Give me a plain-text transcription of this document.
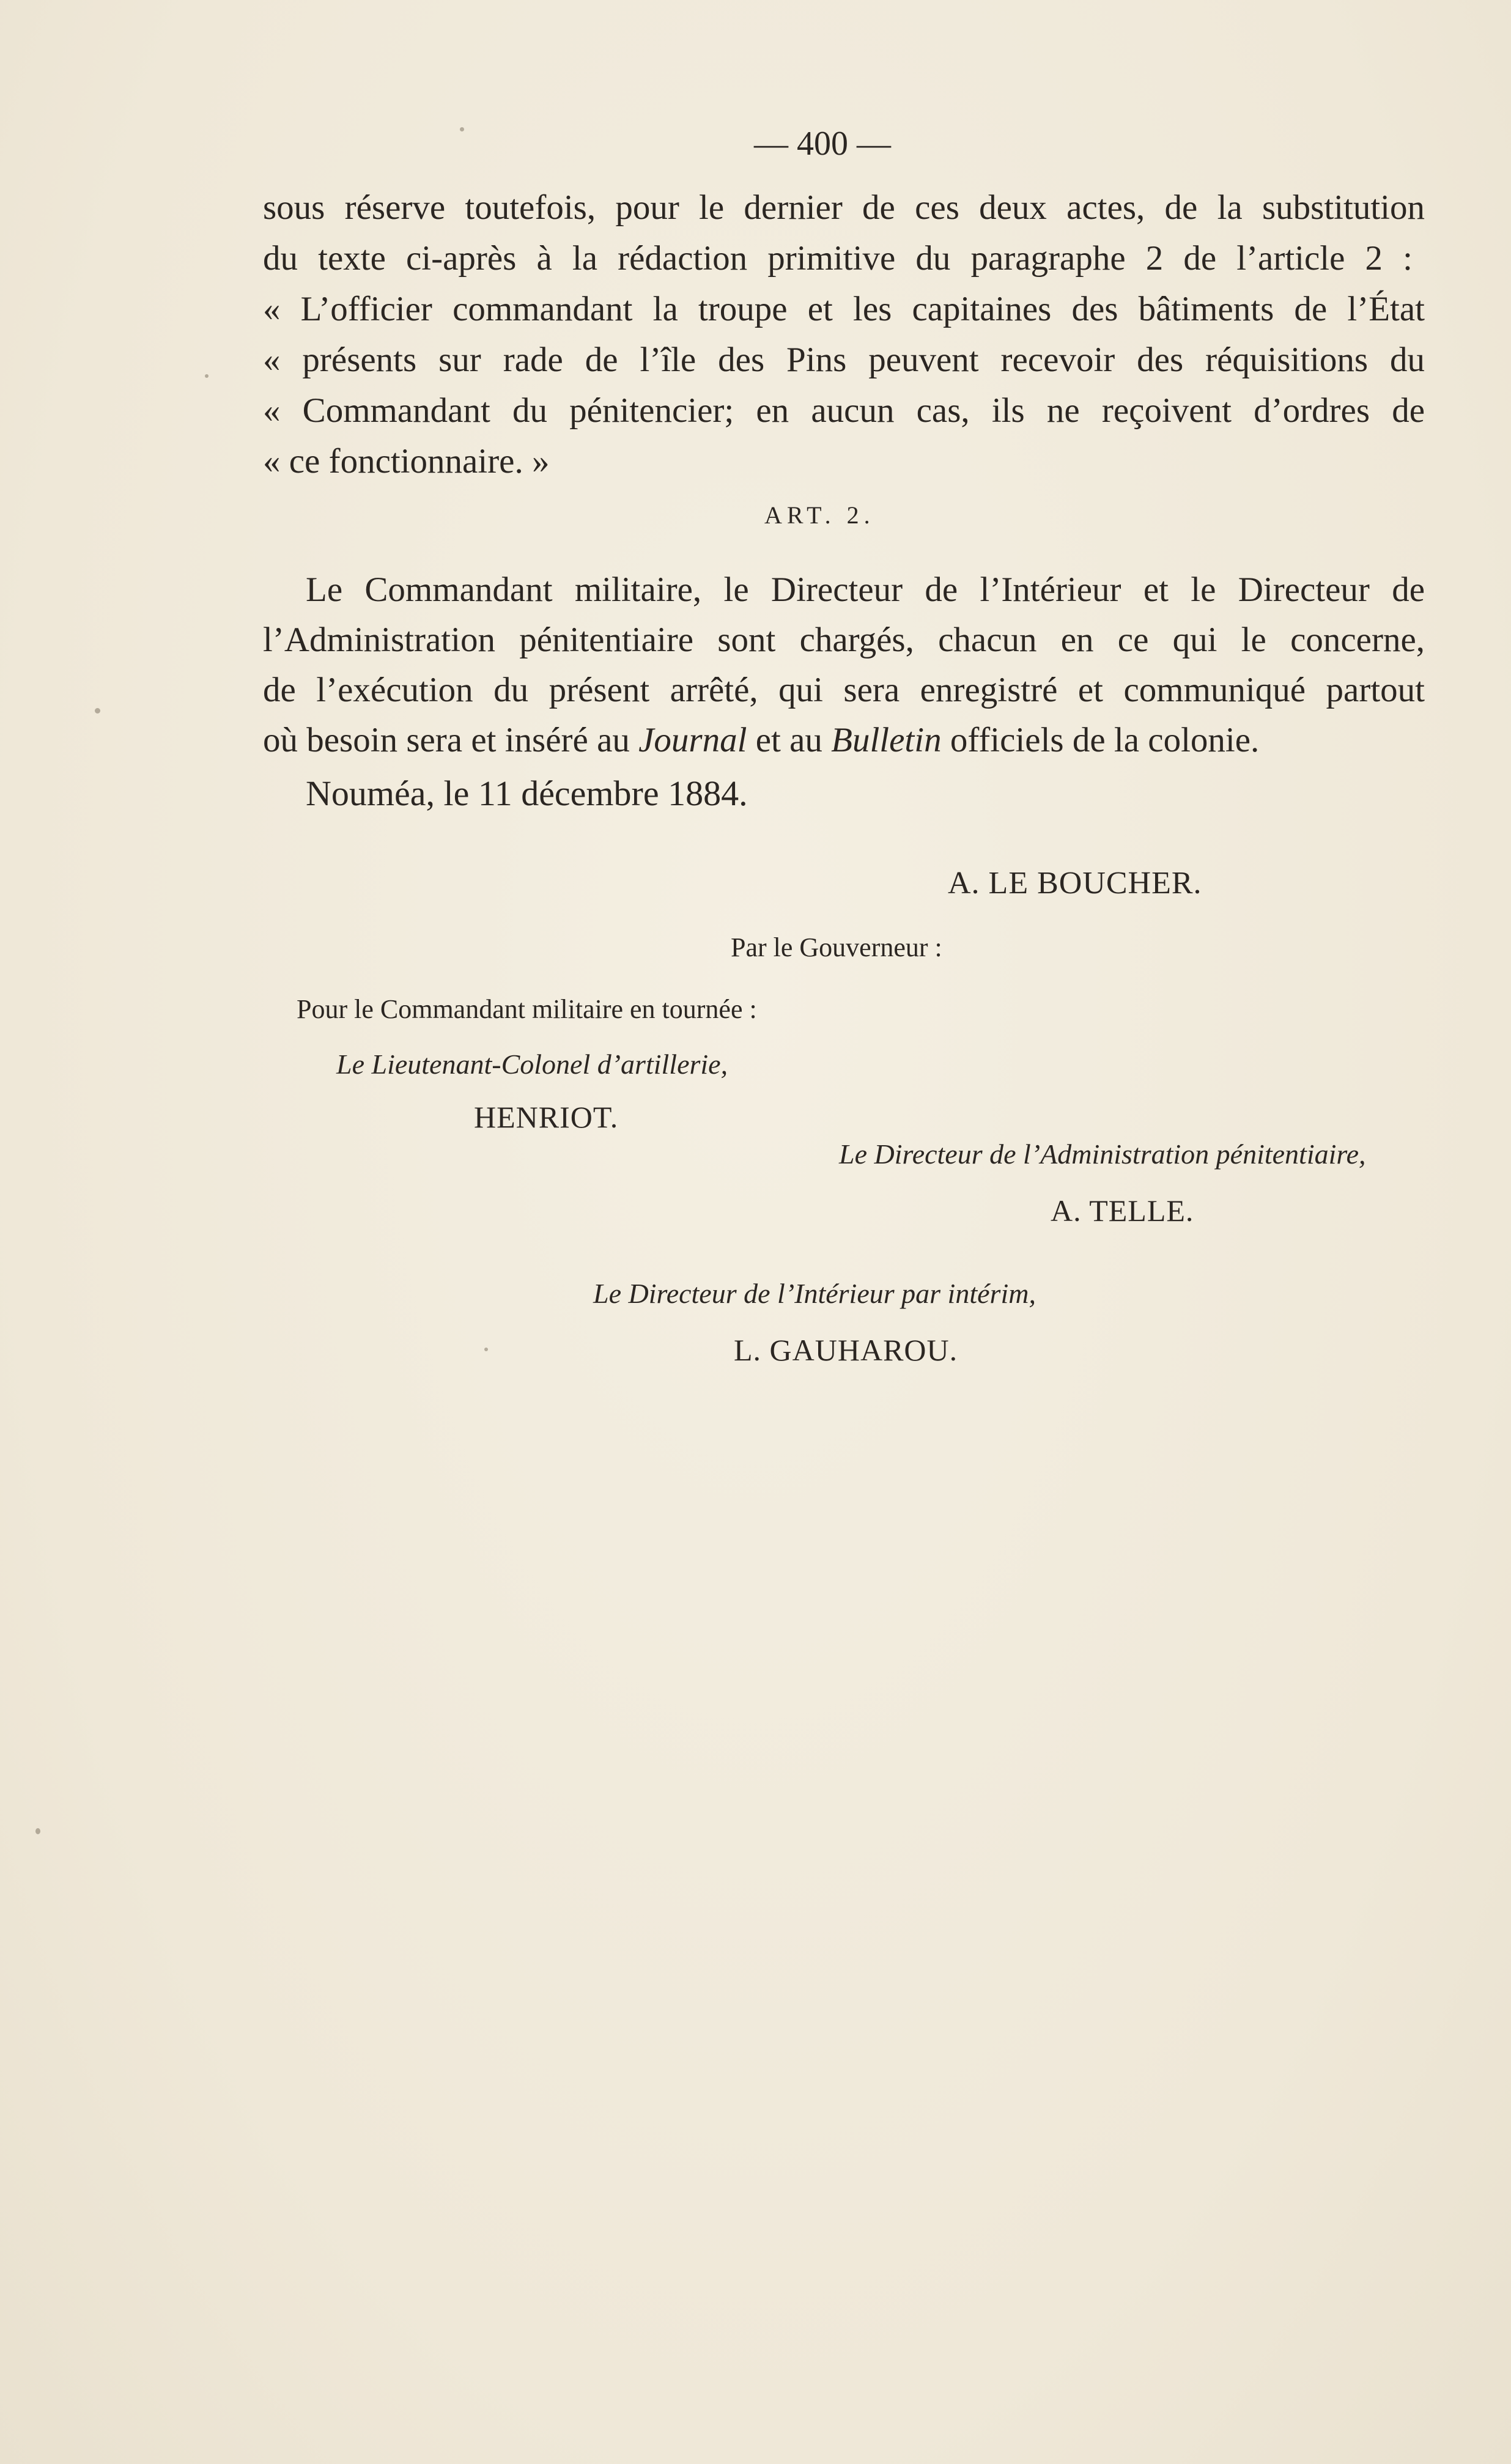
— 400 —
sous réserve toutefois, pour le dernier de ces deux actes, de la substitution
du texte ci-après à la rédaction primitive du paragraphe 2 de l’article 2 :
« L’officier commandant la troupe et les capitaines des bâtiments de l’État
« présents sur rade de l’île des Pins peuvent recevoir des réquisitions du
« Commandant du pénitencier; en aucun cas, ils ne reçoivent d’ordres de
« ce fonctionnaire. »
ART. 2.
Le Commandant militaire, le Directeur de l’Intérieur et le Directeur de
l’Administration pénitentiaire sont chargés, chacun en ce qui le concerne,
de l’exécution du présent arrêté, qui sera enregistré et communiqué partout
où besoin sera et inséré au Journal et au Bulletin officiels de la colonie.
Nouméa, le 11 décembre 1884.
A. LE BOUCHER.
Par le Gouverneur :
Pour le Commandant militaire en tournée :
Le Lieutenant-Colonel d’artillerie,
HENRIOT.
Le Directeur de l’Administration pénitentiaire,
A. TELLE.
Le Directeur de l’Intérieur par intérim,
L. GAUHAROU.
